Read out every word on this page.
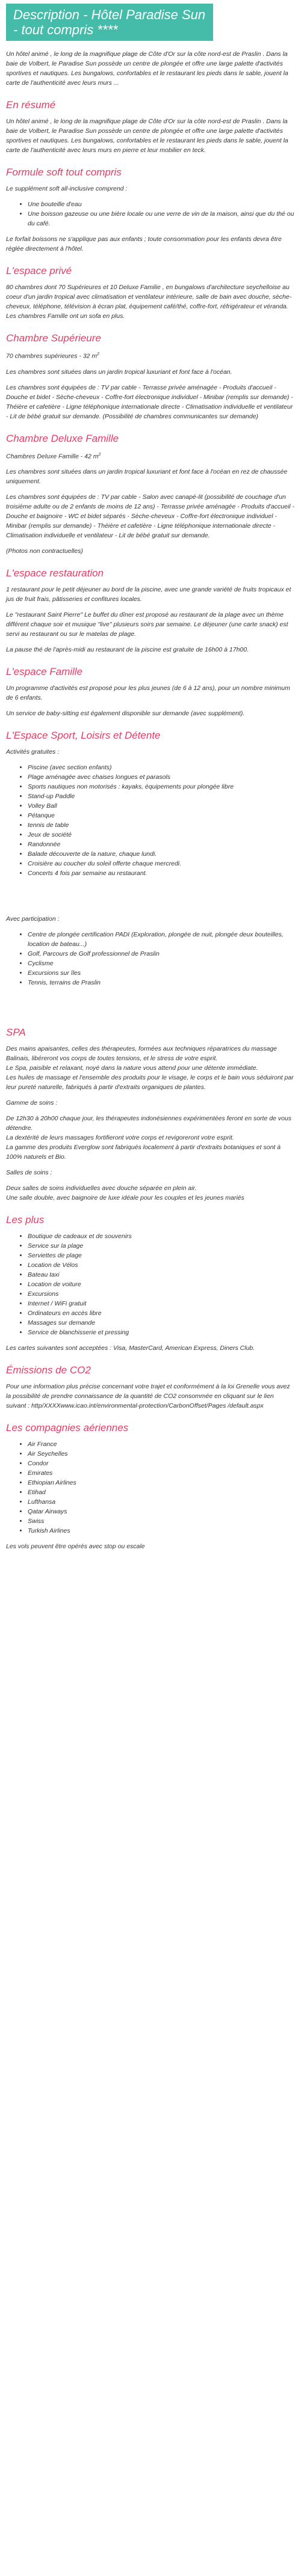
Description - Hôtel Paradise Sun - tout compris ****

Un hôtel animé , le long de la magnifique plage de Côte d'Or sur la côte nord-est de Praslin . Dans la baie de Volbert, le Paradise Sun possède un centre de plongée et offre une large palette d'activités sportives et nautiques. Les bungalows, confortables et le restaurant les pieds dans le sable, jouent la carte de l'authenticité avec leurs murs ...

En résumé

Un hôtel animé , le long de la magnifique plage de Côte d'Or sur la côte nord-est de Praslin . Dans la baie de Volbert, le Paradise Sun possède un centre de plongée et offre une large palette d'activités sportives et nautiques. Les bungalows, confortables et le restaurant les pieds dans le sable, jouent la carte de l'authenticité avec leurs murs en pierre et leur mobilier en teck.

Formule soft tout compris

Le supplément soft all-inclusive comprend :

• Une bouteille d'eau
• Une boisson gazeuse ou une bière locale ou une verre de vin de la maison, ainsi que du thé ou du café.

Le forfait boissons ne s'applique pas aux enfants ; toute consommation pour les enfants devra être réglée directement à l'hôtel.

L'espace privé

80 chambres dont 70 Supérieures et 10 Deluxe Familie , en bungalows d'architecture seychelloise au coeur d'un jardin tropical avec climatisation et ventilateur intérieure, salle de bain avec douche, sèche-cheveux, téléphone, télévision à écran plat, équipement café/thé, coffre-fort, réfrigérateur et véranda. Les chambres Famille ont un sofa en plus.

Chambre Supérieure

70 chambres supérieures - 32 $m^2$

Les chambres sont situées dans un jardin tropical luxuriant et font face à l'océan.

Les chambres sont équipées de : TV par cable - Terrasse privée aménagée - Produits d'accueil - Douche et bidet - Sèche-cheveux - Coffre-fort électronique individuel - Minibar (remplis sur demande) - Théière et cafetière - Ligne téléphonique internationale directe - Climatisation individuelle et ventilateur - Lit de bébé gratuit sur demande. (Possibilité de chambres communicantes sur demande)

Chambre Deluxe Famille

Chambres Deluxe Famille - 42 $m^2$

Les chambres sont situées dans un jardin tropical luxuriant et font face à l'océan en rez de chaussée uniquement.

Les chambres sont équipées de : TV par cable - Salon avec canapé-lit (possibilité de couchage d'un troisième adulte ou de 2 enfants de moins de 12 ans) - Terrasse privée aménagée - Produits d'accueil - Douche et baignoire - WC et bidet séparés - Sèche-cheveux - Coffre-fort électronique individuel - Minibar (remplis sur demande) - Théière et cafetière - Ligne téléphonique internationale directe - Climatisation individuelle et ventilateur - Lit de bébé gratuit sur demande.

(Photos non contractuelles)

L'espace restauration

1 restaurant pour le petit déjeuner au bord de la piscine, avec une grande variété de fruits tropicaux et jus de fruit frais, pâtisseries et confitures locales.

Le "restaurant Saint Pierre" Le buffet du dîner est proposé au restaurant de la plage avec un thème différent chaque soir et musique "live" plusieurs soirs par semaine. Le déjeuner (une carte snack) est servi au restaurant ou sur le matelas de plage.

La pause thé de l'après-midi au restaurant de la piscine est gratuite de 16h00 à 17h00.

L'espace Famille

Un programme d'activités est proposé pour les plus jeunes (de 6 à 12 ans), pour un nombre minimum de 6 enfants.

Un service de baby-sitting est également disponible sur demande (avec supplément).

L'Espace Sport, Loisirs et Détente

Activités gratuites :

• Piscine (avec section enfants)
• Plage aménagée avec chaises longues et parasols
• Sports nautiques non motorisés : kayaks, équipements pour plongée libre
• Stand-up Paddle
• Volley Ball
• Pétanque
• tennis de table
• Jeux de société
• Randonnée
• Balade découverte de la nature, chaque lundi.
• Croisière au coucher du soleil offerte chaque mercredi.
• Concerts 4 fois par semaine au restaurant.

Avec participation :

• Centre de plongée certification PADI (Exploration, plongée de nuit, plongée deux bouteilles, location de bateau...)
• Golf, Parcours de Golf professionnel de Praslin
• Cyclisme
• Excursions sur îles
• Tennis, terrains de Praslin
SPA

Des mains apaisantes, celles des thérapeutes, formées aux techniques réparatrices du massage Balinais, libéreront vos corps de toutes tensions, et le stress de votre esprit.

Le Spa, paisible et relaxant, noyé dans la nature vous attend pour une détente immédiate.

Les huiles de massage et l'ensemble des produits pour le visage, le corps et le bain vous séduiront par leur pureté naturelle, fabriqués à partir d'extraits organiques de plantes.

Gamme de soins :

De 12h30 à 20h00 chaque jour, les thérapeutes indonésiennes expérimentées feront en sorte de vous détendre.

La dextérité de leurs massages fortifieront votre corps et revigoreront votre esprit.

La gamme des produits Everglow sont fabriqués localement à partir d'extraits botaniques et sont à 100% naturels et Bio.

Salles de soins :

Deux salles de soins individuelles avec douche séparée en plein air.

Une salle double, avec baignoire de luxe idéale pour les couples et les jeunes mariés

Les plus
• Boutique de cadeaux et de souvenirs
• Service sur la plage
• Serviettes de plage
• Location de Vélos
• Bateau taxi
• Location de voiture
• Excursions
• Internet / WiFi gratuit
• Ordinateurs en accès libre
• Massages sur demande
• Service de blanchisserie et pressing

Les cartes suivantes sont acceptées : Visa, MasterCard, American Express, Diners Club.

Émissions de CO2

Pour une information plus précise concernant votre trajet et conformément à la loi Grenelle vous avez la possibilité de prendre connaissance de la quantité de CO2 consommée en cliquant sur le lien suivant : http/XXXXwww.icao.int/environmental-protection/CarbonOffset/Pages /default.aspx

Les compagnies aériennes
• Air France
• Air Seychelles
• Condor
• Emirates
• Ethiopian Airlines
• Etihad
• Lufthansa
• Qatar Airways
• Swiss
• Turkish Airlines

Les vols peuvent être opérés avec stop ou escale
